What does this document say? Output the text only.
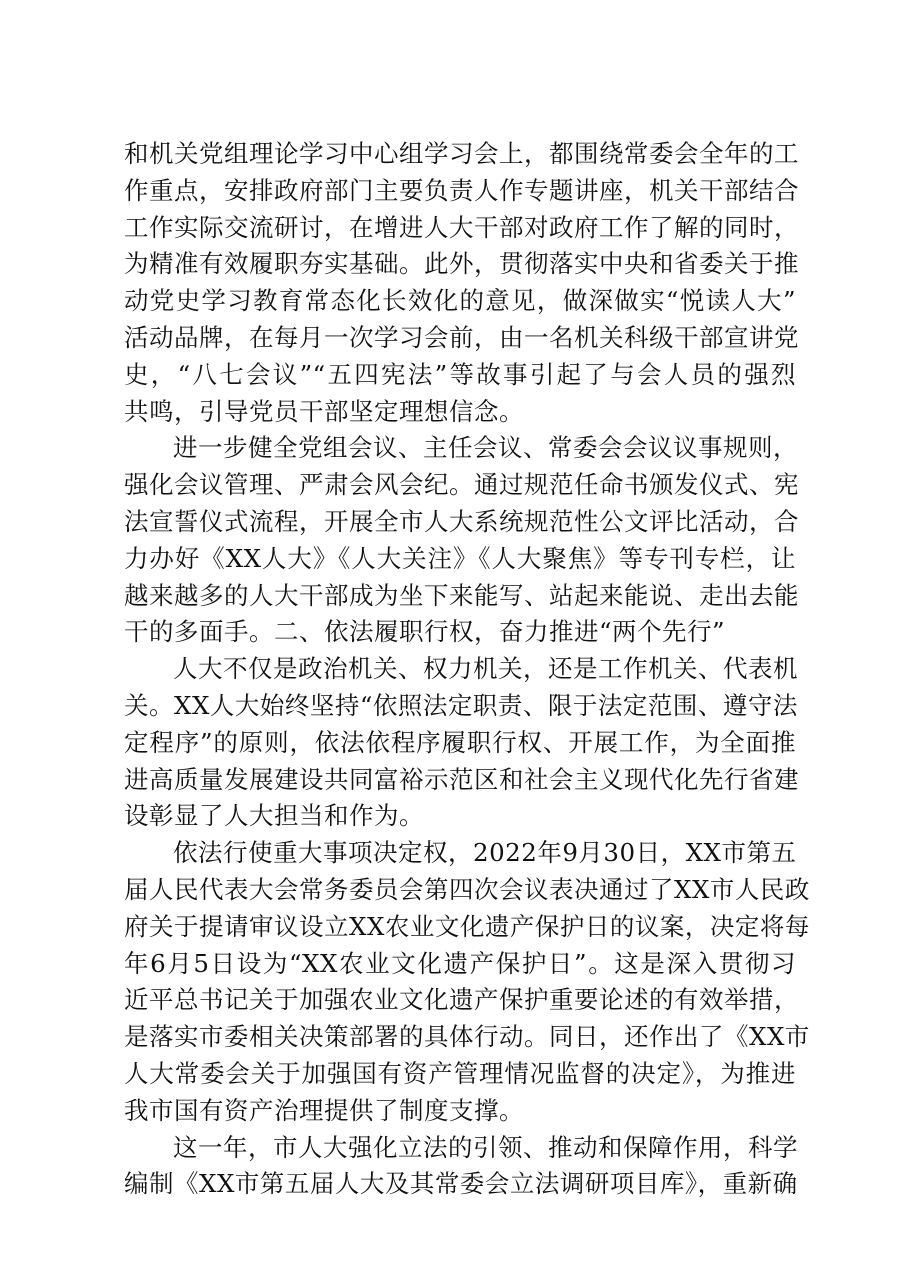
和机关党组理论学习中心组学习会上，都围绕常委会全年的工
作重点，安排政府部门主要负责人作专题讲座，机关干部结合
工作实际交流研讨，在增进人大干部对政府工作了解的同时，
为精准有效履职夯实基础。此外，贯彻落实中央和省委关于推
动党史学习教育常态化长效化的意见，做深做实“悦读人大”
活动品牌，在每月一次学习会前，由一名机关科级干部宣讲党
史，“八七会议”“五四宪法”等故事引起了与会人员的强烈
共鸣，引导党员干部坚定理想信念。
进一步健全党组会议、主任会议、常委会会议议事规则，
强化会议管理、严肃会风会纪。通过规范任命书颁发仪式、宪
法宣誓仪式流程，开展全市人大系统规范性公文评比活动，合
力办好《XX人大》《人大关注》《人大聚焦》等专刊专栏，让
越来越多的人大干部成为坐下来能写、站起来能说、走出去能
干的多面手。二、依法履职行权，奋力推进“两个先行”
人大不仅是政治机关、权力机关，还是工作机关、代表机
关。XX人大始终坚持“依照法定职责、限于法定范围、遵守法
定程序”的原则，依法依程序履职行权、开展工作，为全面推
进高质量发展建设共同富裕示范区和社会主义现代化先行省建
设彰显了人大担当和作为。
依法行使重大事项决定权，2022年9月30日，XX市第五
届人民代表大会常务委员会第四次会议表决通过了XX市人民政
府关于提请审议设立XX农业文化遗产保护日的议案，决定将每
年6月5日设为“XX农业文化遗产保护日”。这是深入贯彻习
近平总书记关于加强农业文化遗产保护重要论述的有效举措，
是落实市委相关决策部署的具体行动。同日，还作出了《XX市
人大常委会关于加强国有资产管理情况监督的决定》，为推进
我市国有资产治理提供了制度支撑。
这一年，市人大强化立法的引领、推动和保障作用，科学
编制《XX市第五届人大及其常委会立法调研项目库》，重新确
